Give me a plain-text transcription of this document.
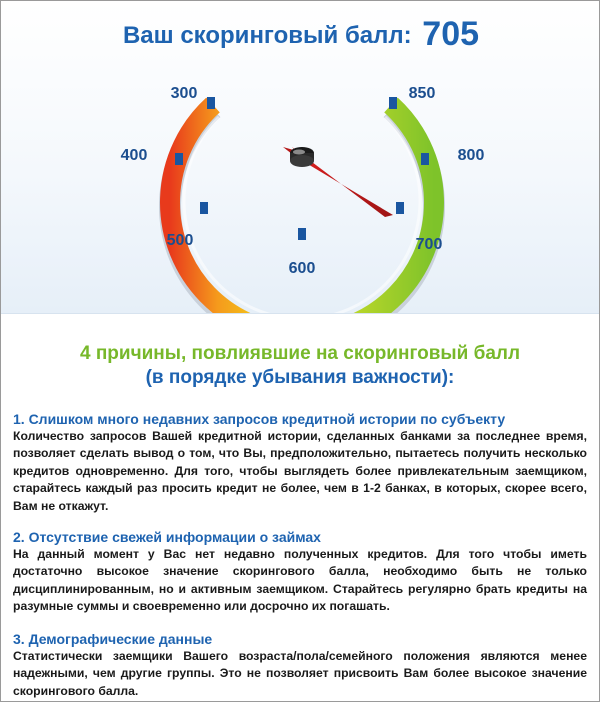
Ваш скоринговый балл: 705
300
400
500
600
700
800
850
4 причины, повлиявшие на скоринговый балл
(в порядке убывания важности):
1. Слишком много недавних запросов кредитной истории по субъекту

Количество запросов Вашей кредитной истории, сделанных банками за последнее время, позволяет сделать вывод о том, что Вы, предположительно, пытаетесь получить несколько кредитов одновременно. Для того, чтобы выглядеть более привлекательным заемщиком, старайтесь каждый раз просить кредит не более, чем в 1-2 банках, в которых, скорее всего, Вам не откажут.

2. Отсутствие свежей информации о займах

На данный момент у Вас нет недавно полученных кредитов. Для того чтобы иметь достаточно высокое значение скорингового балла, необходимо быть не только дисциплинированным, но и активным заемщиком. Старайтесь регулярно брать кредиты на разумные суммы и своевременно или досрочно их погашать.

3. Демографические данные

Статистически заемщики Вашего возраста/пола/семейного положения являются менее надежными, чем другие группы. Это не позволяет присвоить Вам более высокое значение скорингового балла.
